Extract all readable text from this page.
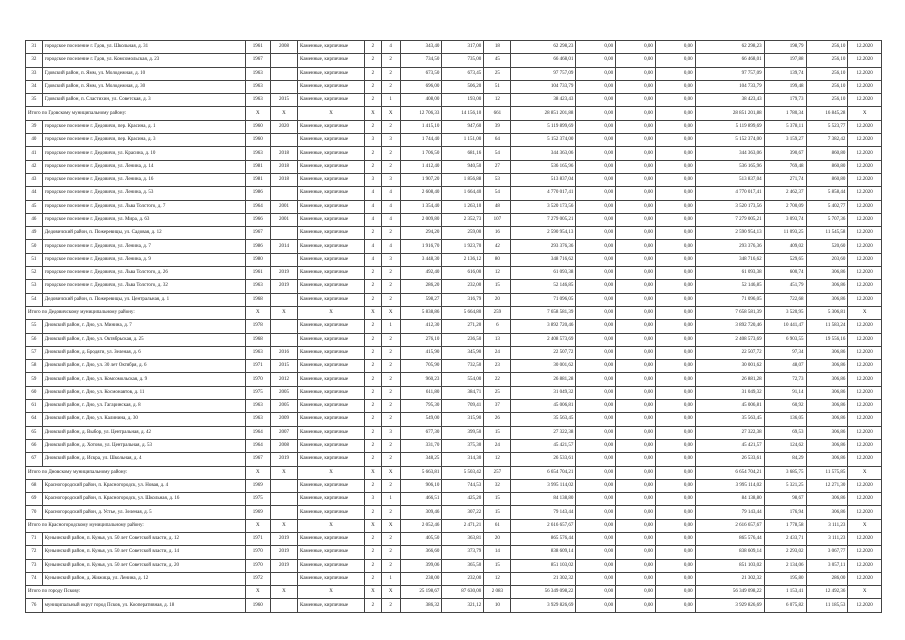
31	городское поселение г. Гдов, ул. Школьная, д. 31	1961	2008	Каменные, кирпичные	2	4	343,40	317,00	18	62 298,23	0,00	0,00	0,00	62 298,23	198,79	256,10	12.2020
32	городское поселение г. Гдов, ул. Комсомольская, д. 23	1967		Каменные, кирпичные	2	2	734,50	735,00	45	66 468,01	0,00	0,00	0,00	66 468,01	197,88	256,10	12.2020
33	Гдовский район, п. Ямм, ул. Молодежная, д. 10	1963		Каменные, кирпичные	2	2	673,50	673,45	25	97 757,09	0,00	0,00	0,00	97 757,09	139,74	256,10	12.2020
34	Гдовский район, п. Ямм, ул. Молодежная, д. 30	1963		Каменные, кирпичные	2	2	696,00	506,20	51	104 733,79	0,00	0,00	0,00	104 733,79	199,48	256,10	12.2020
35	Гдовский район, п. Сластихин, ул. Советская, д. 3	1963	2015	Каменные, кирпичные	2	1	408,00	193,00	12	38 423,43	0,00	0,00	0,00	38 423,43	179,73	256,10	12.2020
Итого по Гдовскому муниципальному району:		X	X	X	X	X	12 706,33	14 156,10	661	28 851 201,88	0,00	0,00	0,00	28 851 201,88	1 780,34	16 845,28	X
39	городское поселение г. Дедовичи, пер. Красина, д. 1	1960	2020	Каменные, кирпичные	2	2	1 415,10	947,60	39	5 119 899,69	0,00	0,00	0,00	5 119 899,69	5 378,11	5 523,77	12.2020
40	городское поселение г. Дедовичи, пер. Красина, д. 3	1960		Каменные, кирпичные	3	3	1 744,40	1 151,00	64	5 152 374,00	0,00	0,00	0,00	5 152 374,00	3 159,27	7 382,42	12.2020
41	городское поселение г. Дедовичи, ул. Красина, д. 10	1963	2018	Каменные, кирпичные	2	2	1 706,50	681,16	54	344 363,06	0,00	0,00	0,00	344 363,06	390,67	860,80	12.2020
42	городское поселение г. Дедовичи, ул. Ленина, д. 14	1981	2018	Каменные, кирпичные	2	2	1 412,40	940,50	27	536 165,96	0,00	0,00	0,00	536 165,96	769,48	860,80	12.2020
43	городское поселение г. Дедовичи, ул. Ленина, д. 16	1981	2018	Каменные, кирпичные	3	3	1 907,20	1 856,88	53	513 837,04	0,00	0,00	0,00	513 837,04	271,74	860,80	12.2020
44	городское поселение г. Дедовичи, ул. Ленина, д. 53	1986		Каменные, кирпичные	4	4	2 608,40	1 664,40	54	4 770 017,41	0,00	0,00	0,00	4 770 017,41	2 462,37	5 858,44	12.2020
45	городское поселение г. Дедовичи, ул. Льва Толстого, д. 7	1964	2001	Каменные, кирпичные	4	4	1 354,40	1 263,10	48	3 520 173,56	0,00	0,00	0,00	3 520 173,56	2 700,09	5 402,77	12.2020
46	городское поселение г. Дедовичи, ул. Мира, д. 63	1966	2001	Каменные, кирпичные	4	4	2 009,80	2 352,73	107	7 279 005,21	0,00	0,00	0,00	7 279 005,21	3 093,74	5 707,36	12.2020
49	Дедовичский район, п. Пожеревицы, ул. Садовая, д. 12	1967		Каменные, кирпичные	2	2	294,20	259,00	16	2 590 954,13	0,00	0,00	0,00	2 590 954,13	11 093,25	11 545,58	12.2020
50	городское поселение г. Дедовичи, ул. Ленина, д. 7	1986	2014	Каменные, кирпичные	4	4	1 916,70	1 923,70	42	293 376,36	0,00	0,00	0,00	293 376,36	409,02	520,60	12.2020
51	городское поселение г. Дедовичи, ул. Ленина, д. 9	1980		Каменные, кирпичные	4	3	3 448,30	2 136,12	80	348 716,62	0,00	0,00	0,00	348 716,62	529,65	203,60	12.2020
52	городское поселение г. Дедовичи, ул. Льва Толстого, д. 26	1961	2019	Каменные, кирпичные	2	2	492,40	616,00	12	61 093,38	0,00	0,00	0,00	61 093,38	600,74	306,86	12.2020
53	городское поселение г. Дедовичи, ул. Льва Толстого, д. 32	1963	2019	Каменные, кирпичные	2	2	286,20	232,00	15	52 146,85	0,00	0,00	0,00	52 146,85	451,79	306,86	12.2020
54	Дедовичский район, п. Пожеревицы, ул. Центральная, д. 1	1968		Каменные, кирпичные	2	2	598,27	316,79	20	71 096,05	0,00	0,00	0,00	71 096,05	722,68	306,86	12.2020
Итого по Дедовичскому муниципальному району:		X	X	X	X	X	5 838,86	5 664,80	259	7 658 581,39	0,00	0,00	0,00	7 658 581,39	3 520,95	5 306,81	X
55	Дновский район, г. Дно, ул. Минина, д. 7	1978		Каменные, кирпичные	2	1	412,30	271,20	6	3 892 720,46	0,00	0,00	0,00	3 892 720,46	10 441,47	11 583,24	12.2020
56	Дновский район, г. Дно, ул. Октябрьская, д. 25	1968		Каменные, кирпичные	2	2	276,10	236,50	13	2 408 573,69	0,00	0,00	0,00	2 408 573,69	6 903,55	19 556,16	12.2020
57	Дновский район, д. Бродяги, ул. Зеленая, д. 6	1963	2016	Каменные, кирпичные	2	2	415,90	345,90	24	22 507,72	0,00	0,00	0,00	22 507,72	97,34	306,86	12.2020
58	Дновский район, г. Дно, ул. 30 лет Октября, д. 6	1971	2015	Каменные, кирпичные	2	2	705,90	732,50	23	30 001,62	0,00	0,00	0,00	30 001,62	48,07	306,86	12.2020
59	Дновский район, г. Дно, ул. Комсомольская, д. 9	1970	2012	Каменные, кирпичные	2	2	960,23	554,00	22	26 881,28	0,00	0,00	0,00	26 881,28	72,73	306,86	12.2020
60	Дновский район, г. Дно, ул. Космонавтов, д. 11	1975	2005	Каменные, кирпичные	2	2	611,80	384,71	25	31 049,32	0,00	0,00	0,00	31 049,32	91,14	306,86	12.2020
61	Дновский район, г. Дно, ул. Гагаринская, д. 8	1963	2005	Каменные, кирпичные	2	2	795,30	709,41	37	45 006,81	0,00	0,00	0,00	45 006,81	60,92	306,86	12.2020
64	Дновский район, г. Дно, ул. Калинина, д. 30	1963	2009	Каменные, кирпичные	2	2	549,00	315,90	26	35 563,45	0,00	0,00	0,00	35 563,45	136,05	306,86	12.2020
65	Дновский район, д. Выбор, ул. Центральная, д. 42	1964	2007	Каменные, кирпичные	2	3	677,30	399,50	15	27 322,38	0,00	0,00	0,00	27 322,38	69,53	306,86	12.2020
66	Дновский район, д. Хотово, ул. Центральная, д. 53	1964	2008	Каменные, кирпичные	2	2	331,70	375,30	24	45 421,57	0,00	0,00	0,00	45 421,57	124,62	306,86	12.2020
67	Дновский район, д. Искра, ул. Школьная, д. 4	1967	2019	Каменные, кирпичные	2	2	348,25	314,30	12	26 533,61	0,00	0,00	0,00	26 533,61	84,29	306,86	12.2020
Итого по Дновскому муниципальному району:		X	X	X	X	X	5 663,81	5 503,42	257	6 654 704,21	0,00	0,00	0,00	6 654 704,21	3 685,75	11 575,85	X
68	Красногородский район, п. Красногородск, ул. Новая, д. 4	1969		Каменные, кирпичные	2	2	906,10	744,53	32	3 995 114,02	0,00	0,00	0,00	3 995 114,02	5 321,25	12 271,30	12.2020
69	Красногородский район, п. Красногородск, ул. Школьная, д. 16	1975		Каменные, кирпичные	3	1	466,51	425,20	15	84 138,80	0,00	0,00	0,00	84 138,80	98,67	306,86	12.2020
70	Красногородский район, д. Устье, ул. Зеленая, д. 5	1969		Каменные, кирпичные	2	2	309,46	307,22	15	79 143,44	0,00	0,00	0,00	79 143,44	176,94	306,86	12.2020
Итого по Красногородскому муниципальному району:		X	X	X	X	X	2 052,46	2 471,21	61	2 616 657,67	0,00	0,00	0,00	2 616 657,67	1 778,58	3 111,23	X
71	Куньинский район, п. Кунья, ул. 50 лет Советской власти, д. 12	1971	2019	Каменные, кирпичные	2	2	405,50	363,81	20	865 576,44	0,00	0,00	0,00	865 576,44	2 433,71	3 111,23	12.2020
72	Куньинский район, п. Кунья, ул. 50 лет Советской власти, д. 14	1970	2019	Каменные, кирпичные	2	2	366,60	373,79	14	838 609,14	0,00	0,00	0,00	838 609,14	2 293,02	3 067,77	12.2020
73	Куньинский район, п. Кунья, ул. 50 лет Советской власти, д. 20	1970	2019	Каменные, кирпичные	2	2	399,06	365,50	15	851 103,02	0,00	0,00	0,00	851 103,02	2 134,06	3 057,11	12.2020
74	Куньинский район, д. Жижица, ул. Ленина, д. 12	1972		Каменные, кирпичные	2	1	238,00	232,00	12	21 302,32	0,00	0,00	0,00	21 302,32	195,80	286,00	12.2020
Итого по городу Пскову:		X	X	X	X	X	25 198,67	87 630,00	2 083	56 349 098,22	0,00	0,00	0,00	56 349 098,22	1 153,41	12 492,36	X
76	муниципальный округ город Псков, ул. Кооперативная, д. 18	1960		Каменные, кирпичные	2	2	386,32	321,12	10	3 929 826,69	0,00	0,00	0,00	3 929 826,69	6 075,82	11 185,53	12.2020
